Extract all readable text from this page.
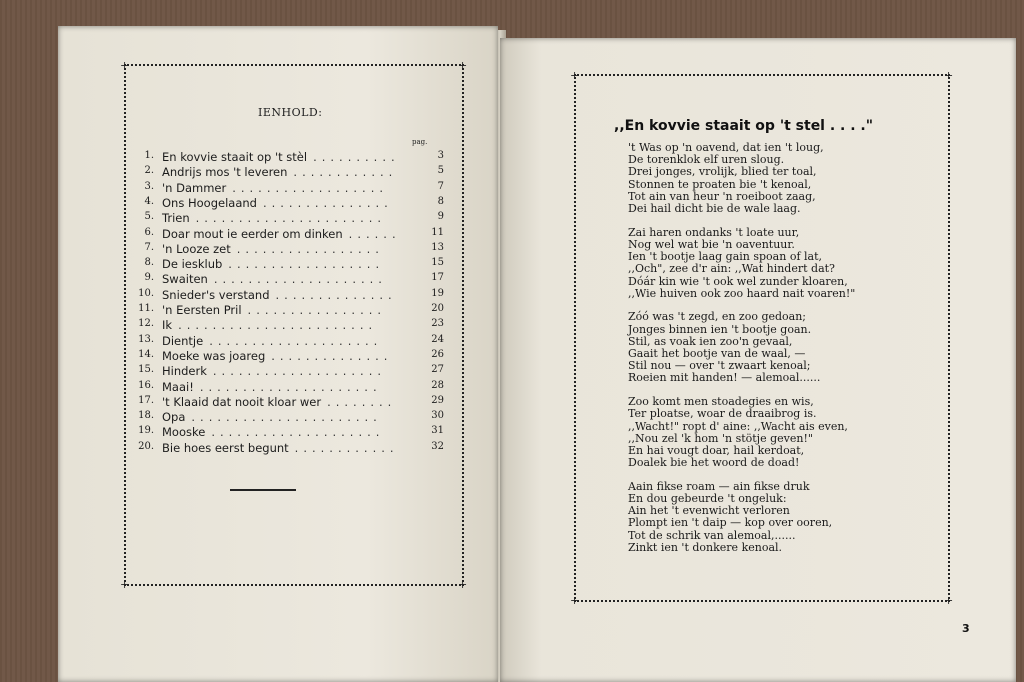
+	+
+	+
IENHOLD:
pag.
1. En kovvie staait op 't stèl ..........	3
2. Andrijs mos 't leveren ............	5
3. 'n Dammer ..................	7
4. Ons Hoogelaand ...............	8
5. Trien ......................	9
6. Doar mout ie eerder om dinken ......	11
7. 'n Looze zet .................	13
8. De iesklub ..................	15
9. Swaiten ....................	17
10. Snieder's verstand ..............	19
11. 'n Eersten Pril ................	20
12. Ik .......................	23
13. Dientje ....................	24
14. Moeke was joareg ..............	26
15. Hinderk ....................	27
16. Maai! .....................	28
17. 't Klaaid dat nooit kloar wer ........	29
18. Opa ......................	30
19. Mooske ....................	31
20. Bie hoes eerst begunt ............	32
+	+
+	+
,,En kovvie staait op 't stel . . . ."
't Was op 'n oavend, dat ien 't loug,
De torenklok elf uren sloug.
Drei jonges, vrolijk, blied ter toal,
Stonnen te proaten bie 't kenoal,
Tot ain van heur 'n roeiboot zaag,
Dei hail dicht bie de wale laag.
Zai haren ondanks 't loate uur,
Nog wel wat bie 'n oaventuur.
Ien 't bootje laag gain spoan of lat,
,,Och", zee d'r ain: ,,Wat hindert dat?
Dóár kin wie 't ook wel zunder kloaren,
,,Wie huiven ook zoo haard nait voaren!"
Zóó was 't zegd, en zoo gedoan;
Jonges binnen ien 't bootje goan.
Stil, as voak ien zoo'n gevaal,
Gaait het bootje van de waal, —
Stil nou — over 't zwaart kenoal;
Roeien mit handen! — alemoal......
Zoo komt men stoadegies en wis,
Ter ploatse, woar de draaibrog is.
,,Wacht!" ropt d' aine: ,,Wacht ais even,
,,Nou zel 'k hom 'n stötje geven!"
En hai vougt doar, hail kerdoat,
Doalek bie het woord de doad!
Aain fikse roam — ain fikse druk
En dou gebeurde 't ongeluk:
Ain het 't evenwicht verloren
Plompt ien 't daip — kop over ooren,
Tot de schrik van alemoal,......
Zinkt ien 't donkere kenoal.
3
